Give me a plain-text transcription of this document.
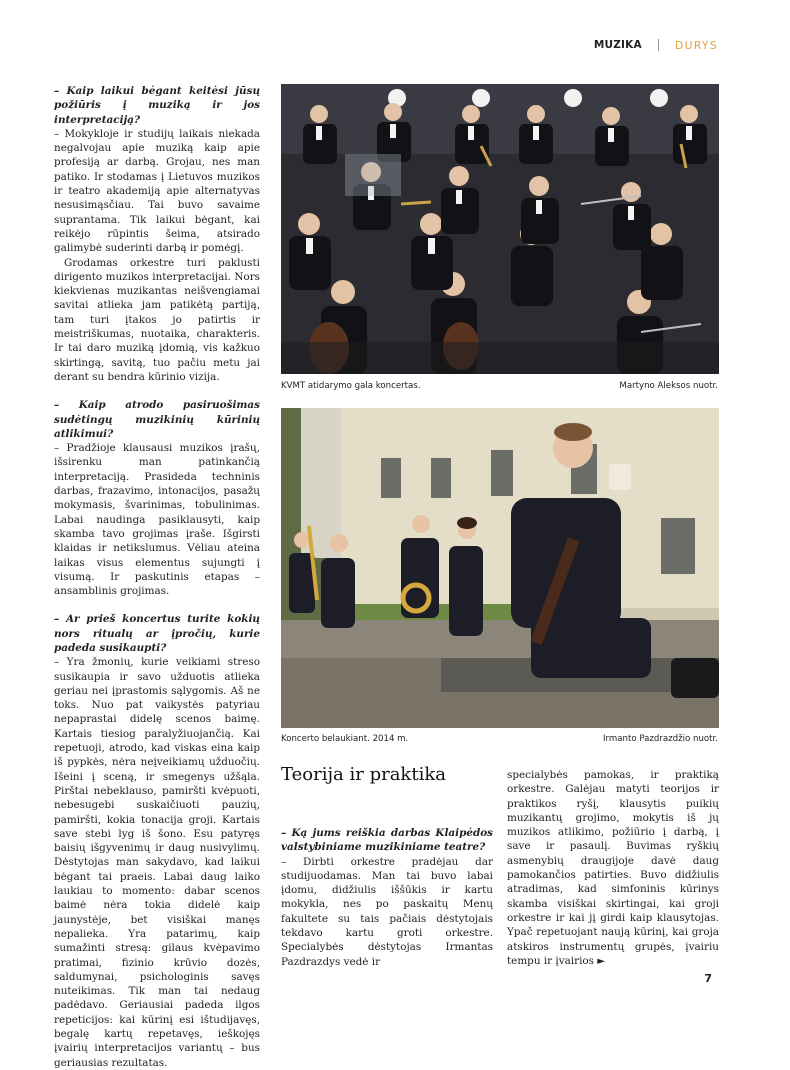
MUZIKA	DURYS

– Kaip laikui bėgant keitėsi jūsų požiūris į muziką ir jos interpretaciją?

– Mokykloje ir studijų laikais niekada negalvojau apie muziką kaip apie profesiją ar darbą. Grojau, nes man patiko. Ir stodamas į Lietuvos muzikos ir teatro akademiją apie alternatyvas nesusimąsčiau. Tai buvo savaime suprantama. Tik laikui bėgant, kai reikėjo rūpintis šeima, atsirado galimybė suderinti darbą ir pomėgį.

Grodamas orkestre turi paklusti dirigento muzikos interpretacijai. Nors kiekvienas muzikantas neišvengiamai savitai atlieka jam patikėtą partiją, tam turi įtakos jo patirtis ir meistriškumas, nuotaika, charakteris. Ir tai daro muziką įdomią, vis kažkuo skirtingą, savitą, tuo pačiu metu jai derant su bendra kūrinio vizija.

– Kaip atrodo pasiruošimas sudėtingų muzikinių kūrinių atlikimui?

– Pradžioje klausausi muzikos įrašų, išsirenku man patinkančią interpretaciją. Prasideda techninis darbas, frazavimo, intonacijos, pasažų mokymasis, švarinimas, tobulinimas. Labai naudinga pasiklausyti, kaip skamba tavo grojimas įraše. Išgirsti klaidas ir netikslumus. Vėliau ateina laikas visus elementus sujungti į visumą. Ir paskutinis etapas – ansamblinis grojimas.

– Ar prieš koncertus turite kokių nors ritualų ar įpročių, kurie padeda susikaupti?

– Yra žmonių, kurie veikiami streso susikaupia ir savo užduotis atlieka geriau nei įprastomis sąlygomis. Aš ne toks. Nuo pat vaikystės patyriau nepaprastai didelę scenos baimę. Kartais tiesiog paralyžiuojančią. Kai repetuoji, atrodo, kad viskas eina kaip iš pypkės, nėra neįveikiamų užduočių. Išeini į sceną, ir smegenys užšąla. Pirštai nebeklauso, pamiršti kvėpuoti, nebesugebi suskaičiuoti pauzių, pamiršti, kokia tonacija groji. Kartais save stebi lyg iš šono. Esu patyręs baisių išgyvenimų ir daug nusivylimų. Dėstytojas man sakydavo, kad laikui bėgant tai praeis. Labai daug laiko laukiau to momento: dabar scenos baimė nėra tokia didelė kaip jaunystėje, bet visiškai manęs nepalieka. Yra patarimų, kaip sumažinti stresą: gilaus kvėpavimo pratimai, fizinio krūvio dozės, saldumynai, psichologinis savęs nuteikimas. Tik man tai nedaug padėdavo. Geriausiai padeda ilgos repeticijos: kai kūrinį esi ištudijavęs, begalę kartų repetavęs, ieškojęs įvairių interpretacijos variantų – bus geriausias rezultatas.

KVMT atidarymo gala koncertas.	Martyno Aleksos nuotr.
Koncerto belaukiant. 2014 m.	Irmanto Pazdrazdžio nuotr.
Teorija ir praktika

– Ką jums reiškia darbas Klaipėdos valstybiniame muzikiniame teatre?

– Dirbti orkestre pradėjau dar studijuodamas. Man tai buvo labai įdomu, didžiulis iššūkis ir kartu mokykla, nes po paskaitų Menų fakultete su tais pačiais dėstytojais tekdavo kartu groti orkestre. Specialybės dėstytojas Irmantas Pazdrazdys vedė ir

specialybės pamokas, ir praktiką orkestre. Galėjau matyti teorijos ir praktikos ryšį, klausytis puikių muzikantų grojimo, mokytis iš jų muzikos atlikimo, požiūrio į darbą, į save ir pasaulį. Buvimas ryškių asmenybių draugijoje davė daug pamokančios patirties. Buvo didžiulis atradimas, kad simfoninis kūrinys skamba visiškai skirtingai, kai groji orkestre ir kai jį girdi kaip klausytojas. Ypač repetuojant naują kūrinį, kai groja atskiros instrumentų grupės, įvairiu tempu ir įvairios ►

7
